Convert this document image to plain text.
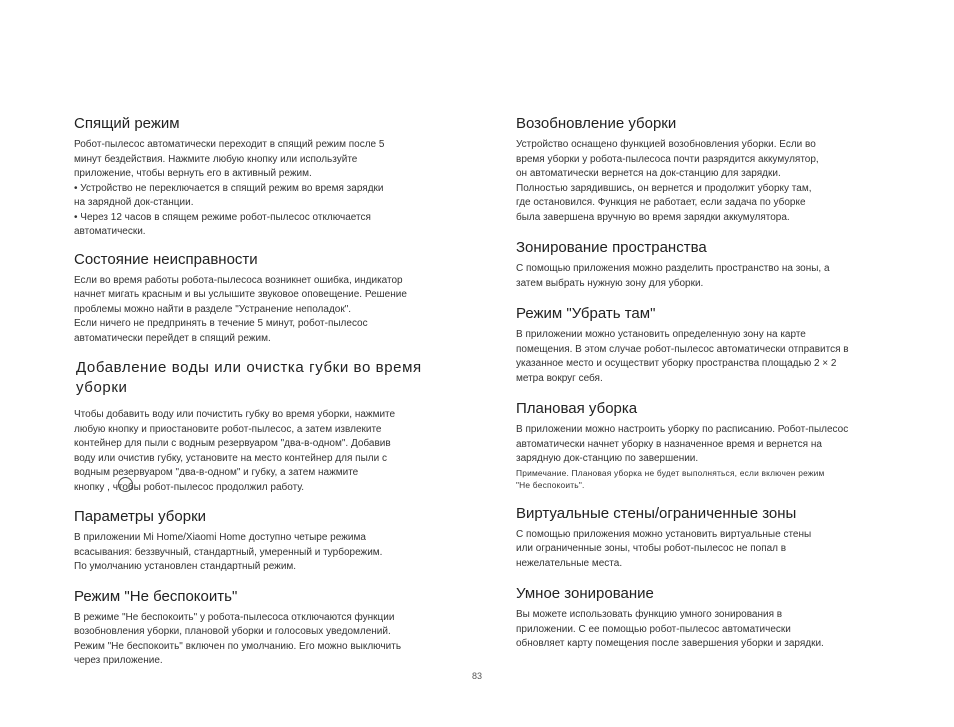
Спящий режим

Робот-пылесос автоматически переходит в спящий режим после 5
минут бездействия. Нажмите любую кнопку или используйте
приложение, чтобы вернуть его в активный режим.
• Устройство не переключается в спящий режим во время зарядки
на зарядной док-станции.
• Через 12 часов в спящем режиме робот-пылесос отключается
автоматически.

Состояние неисправности

Если во время работы робота-пылесоса возникнет ошибка, индикатор
начнет мигать красным и вы услышите звуковое оповещение. Решение
проблемы можно найти в разделе "Устранение неполадок".
Если ничего не предпринять в течение 5 минут, робот-пылесос
автоматически перейдет в спящий режим.

Добавление воды или очистка губки во время
уборки

Чтобы добавить воду или почистить губку во время уборки, нажмите
любую кнопку и приостановите робот-пылесос, а затем извлеките
контейнер для пыли с водным резервуаром "два-в-одном". Добавив
воду или очистив губку, установите на место контейнер для пыли с
водным резервуаром "два-в-одном" и губку, а затем нажмите
кнопку , чтобы робот-пылесос продолжил работу.

Параметры уборки

В приложении Mi Home/Xiaomi Home доступно четыре режима
всасывания: беззвучный, стандартный, умеренный и турборежим.
По умолчанию установлен стандартный режим.

Режим "Не беспокоить"

В режиме "Не беспокоить" у робота-пылесоса отключаются функции
возобновления уборки, плановой уборки и голосовых уведомлений.
Режим "Не беспокоить" включен по умолчанию. Его можно выключить
через приложение.

Возобновление уборки

Устройство оснащено функцией возобновления уборки. Если во
время уборки у робота-пылесоса почти разрядится аккумулятор,
он автоматически вернется на док-станцию для зарядки.
Полностью зарядившись, он вернется и продолжит уборку там,
где остановился. Функция не работает, если задача по уборке
была завершена вручную во время зарядки аккумулятора.

Зонирование пространства

С помощью приложения можно разделить пространство на зоны, а
затем выбрать нужную зону для уборки.

Режим "Убрать там"

В приложении можно установить определенную зону на карте
помещения. В этом случае робот-пылесос автоматически отправится в
указанное место и осуществит уборку пространства площадью 2 × 2
метра вокруг себя.

Плановая уборка

В приложении можно настроить уборку по расписанию. Робот-пылесос
автоматически начнет уборку в назначенное время и вернется на
зарядную док-станцию по завершении.

Примечание. Плановая уборка не будет выполняться, если включен режим
"Не беспокоить".

Виртуальные стены/ограниченные зоны

С помощью приложения можно установить виртуальные стены
или ограниченные зоны, чтобы робот-пылесос не попал в
нежелательные места.

Умное зонирование

Вы можете использовать функцию умного зонирования в
приложении. С ее помощью робот-пылесос автоматически
обновляет карту помещения после завершения уборки и зарядки.

83
